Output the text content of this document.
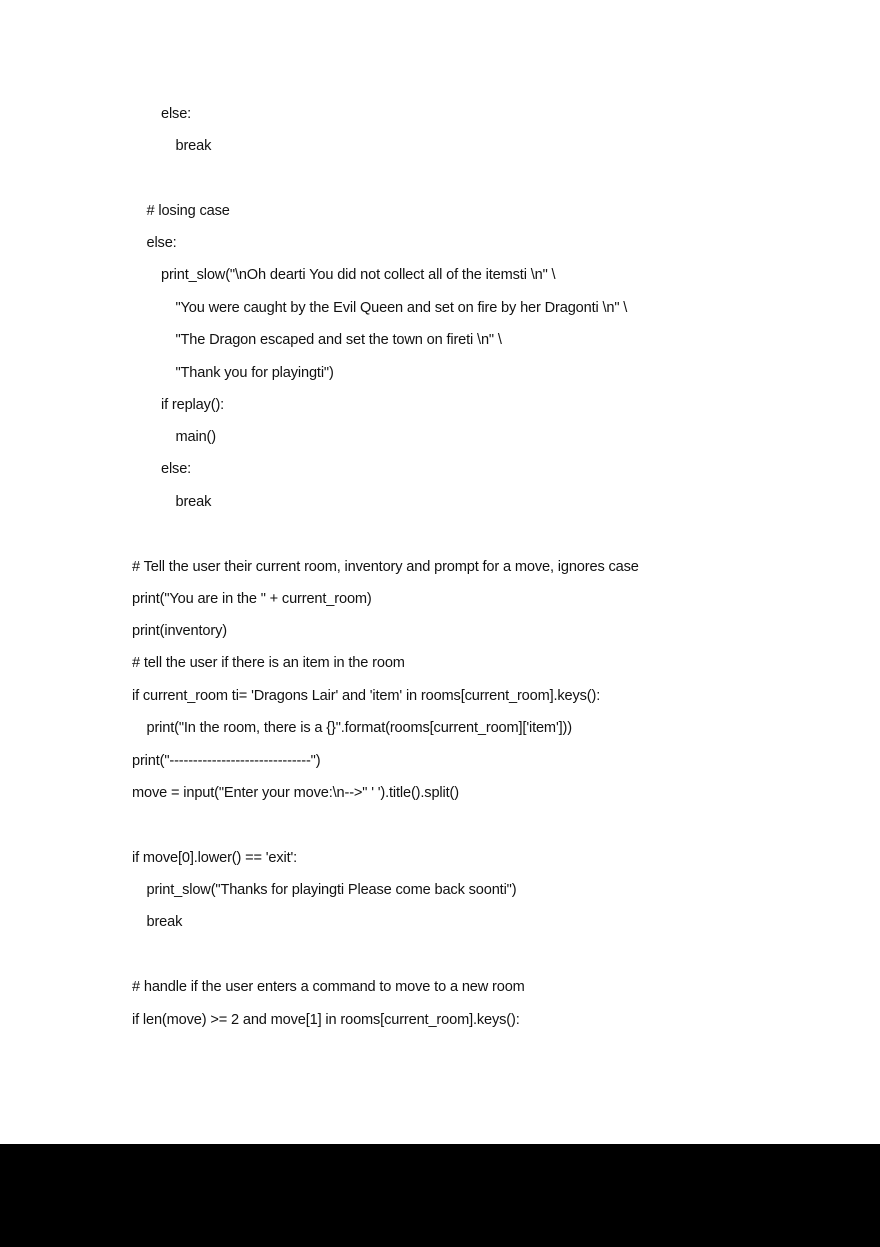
else:
break
# losing case
else:
print_slow("\nOh dearti You did not collect all of the itemsti \n" \
"You were caught by the Evil Queen and set on fire by her Dragonti \n" \
"The Dragon escaped and set the town on fireti \n" \
"Thank you for playingti")
if replay():
main()
else:
break
# Tell the user their current room, inventory and prompt for a move, ignores case
print("You are in the " + current_room)
print(inventory)
# tell the user if there is an item in the room
if current_room ti= 'Dragons Lair' and 'item' in rooms[current_room].keys():
print("In the room, there is a {}".format(rooms[current_room]['item']))
print("------------------------------")
move = input("Enter your move:\n-->" ' ').title().split()
if move[0].lower() == 'exit':
print_slow("Thanks for playingti Please come back soonti")
break
# handle if the user enters a command to move to a new room
if len(move) >= 2 and move[1] in rooms[current_room].keys():
